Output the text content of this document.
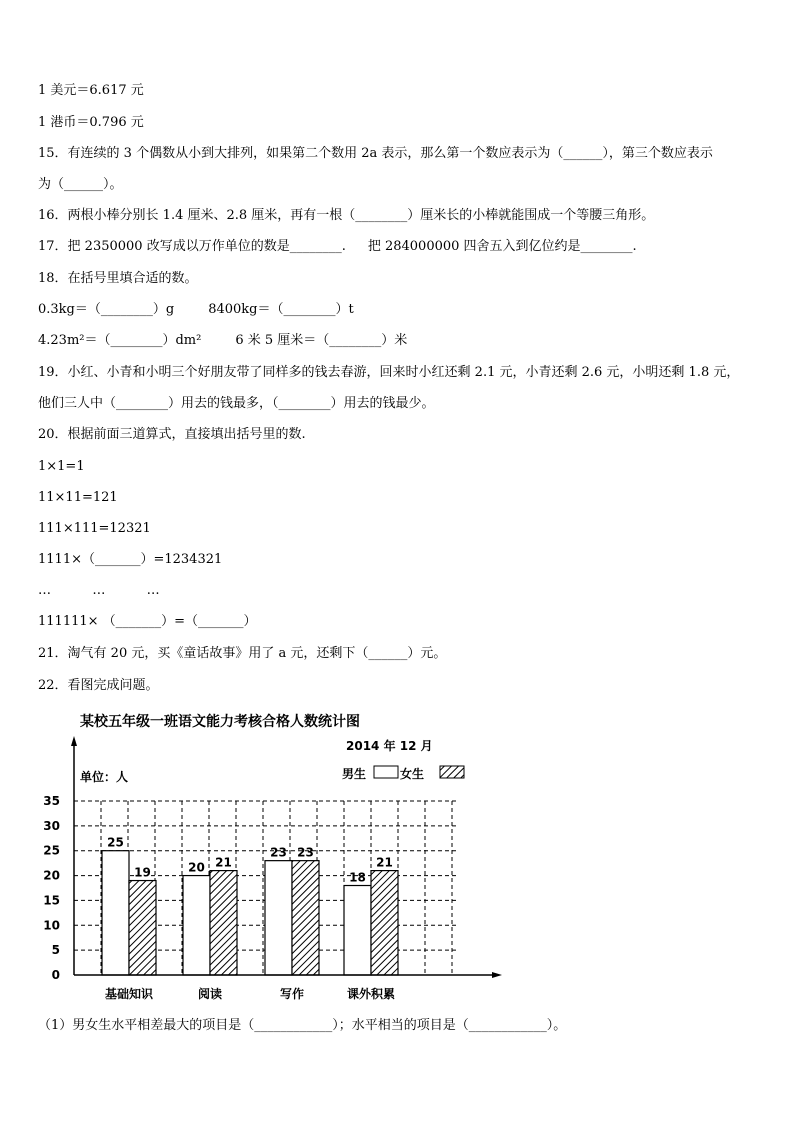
1 美元＝6.617 元
1 港币＝0.796 元
15．有连续的 3 个偶数从小到大排列，如果第二个数用 2a 表示，那么第一个数应表示为（______），第三个数应表示
为（______）。
16．两根小棒分别长 1.4 厘米、2.8 厘米，再有一根（________）厘米长的小棒就能围成一个等腰三角形。
17．把 2350000 改写成以万作单位的数是________. 把 284000000 四舍五入到亿位约是________.
18．在括号里填合适的数。
0.3kg＝（________）g	8400kg＝（________）t
4.23m²＝（________）dm²	6 米 5 厘米＝（________）米
19．小红、小青和小明三个好朋友带了同样多的钱去春游，回来时小红还剩 2.1 元，小青还剩 2.6 元，小明还剩 1.8 元，
他们三人中（________）用去的钱最多，（________）用去的钱最少。
20．根据前面三道算式，直接填出括号里的数.
1×1=1
11×11=121
111×111=12321
1111×（_______）=1234321
…          …          …
111111× （_______）=（_______）
21．淘气有 20 元，买《童话故事》用了 a 元，还剩下（______）元。
22．看图完成问题。
某校五年级一班语文能力考核合格人数统计图
2014 年 12 月
单位：人	男生	女生
25
19	20 21
23 23
18
21
0
5
10
15
20
25
30
35
基础知识	阅读	写作	课外积累
（1）男女生水平相差最大的项目是（____________）；水平相当的项目是（____________）。
